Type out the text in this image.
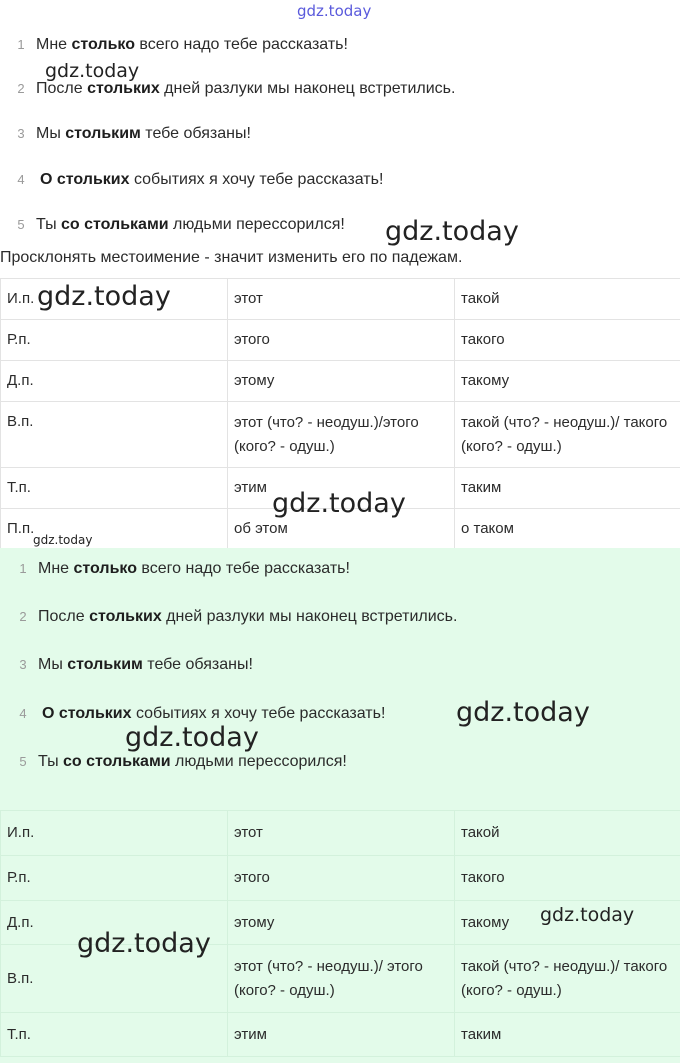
gdz.today
1 Мне столько всего надо тебе рассказать!
2 После стольких дней разлуки мы наконец встретились.
3 Мы стольким тебе обязаны!
4 О стольких событиях я хочу тебе рассказать!
5 Ты со стольками людьми перессорился!
Просклонять местоимение - значит изменить его по падежам.
И.п.	этот	такой
Р.п.	этого	такого
Д.п.	этому	такому
В.п.	этот (что? - неодуш.)/этого (кого? - одуш.)	такой (что? - неодуш.)/ такого (кого? - одуш.)
Т.п.	этим	таким
П.п.	об этом	о таком
1 Мне столько всего надо тебе рассказать!
2 После стольких дней разлуки мы наконец встретились.
3 Мы стольким тебе обязаны!
4 О стольких событиях я хочу тебе рассказать!
5 Ты со стольками людьми перессорился!
И.п.	этот	такой
Р.п.	этого	такого
Д.п.	этому	такому
В.п.	этот (что? - неодуш.)/ этого (кого? - одуш.)	такой (что? - неодуш.)/ такого (кого? - одуш.)
Т.п.	этим	таким
gdz.today
gdz.today
gdz.today
gdz.today
gdz.today
gdz.today
gdz.today
gdz.today
gdz.today
